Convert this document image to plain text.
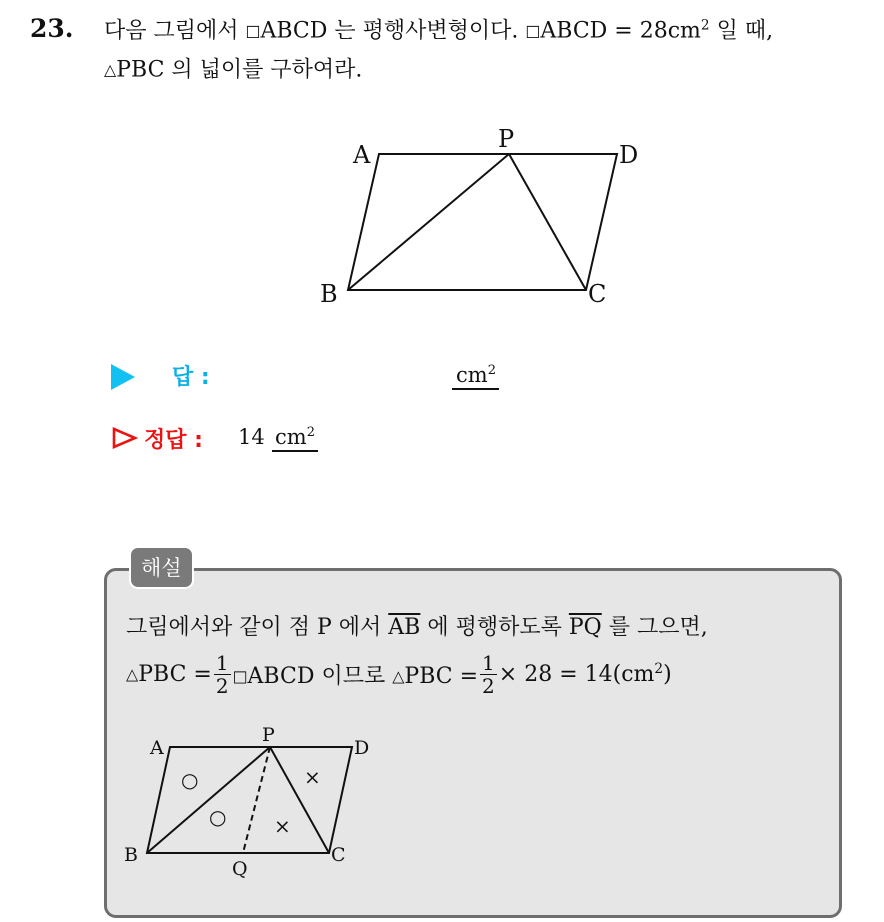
23. 다음 그림에서 □ABCD 는 평행사변형이다. □ABCD = $28cm^2$ 일 때,
△PBC 의 넓이를 구하여라.
A
P
D
B	C
답 :	$cm^2$
정답 : 14 $cm^2$
해설
그림에서와 같이 점 P 에서 $\overline{AB}$ 에 평행하도록 $\overline{PQ}$ 를 그으면,
△PBC = $\frac{1}{2}$ □ABCD 이므로 △PBC = $\frac{1}{2} \times 28 = 14(cm^2)$
A
P
D
B
Q
C
○
○
×
×
